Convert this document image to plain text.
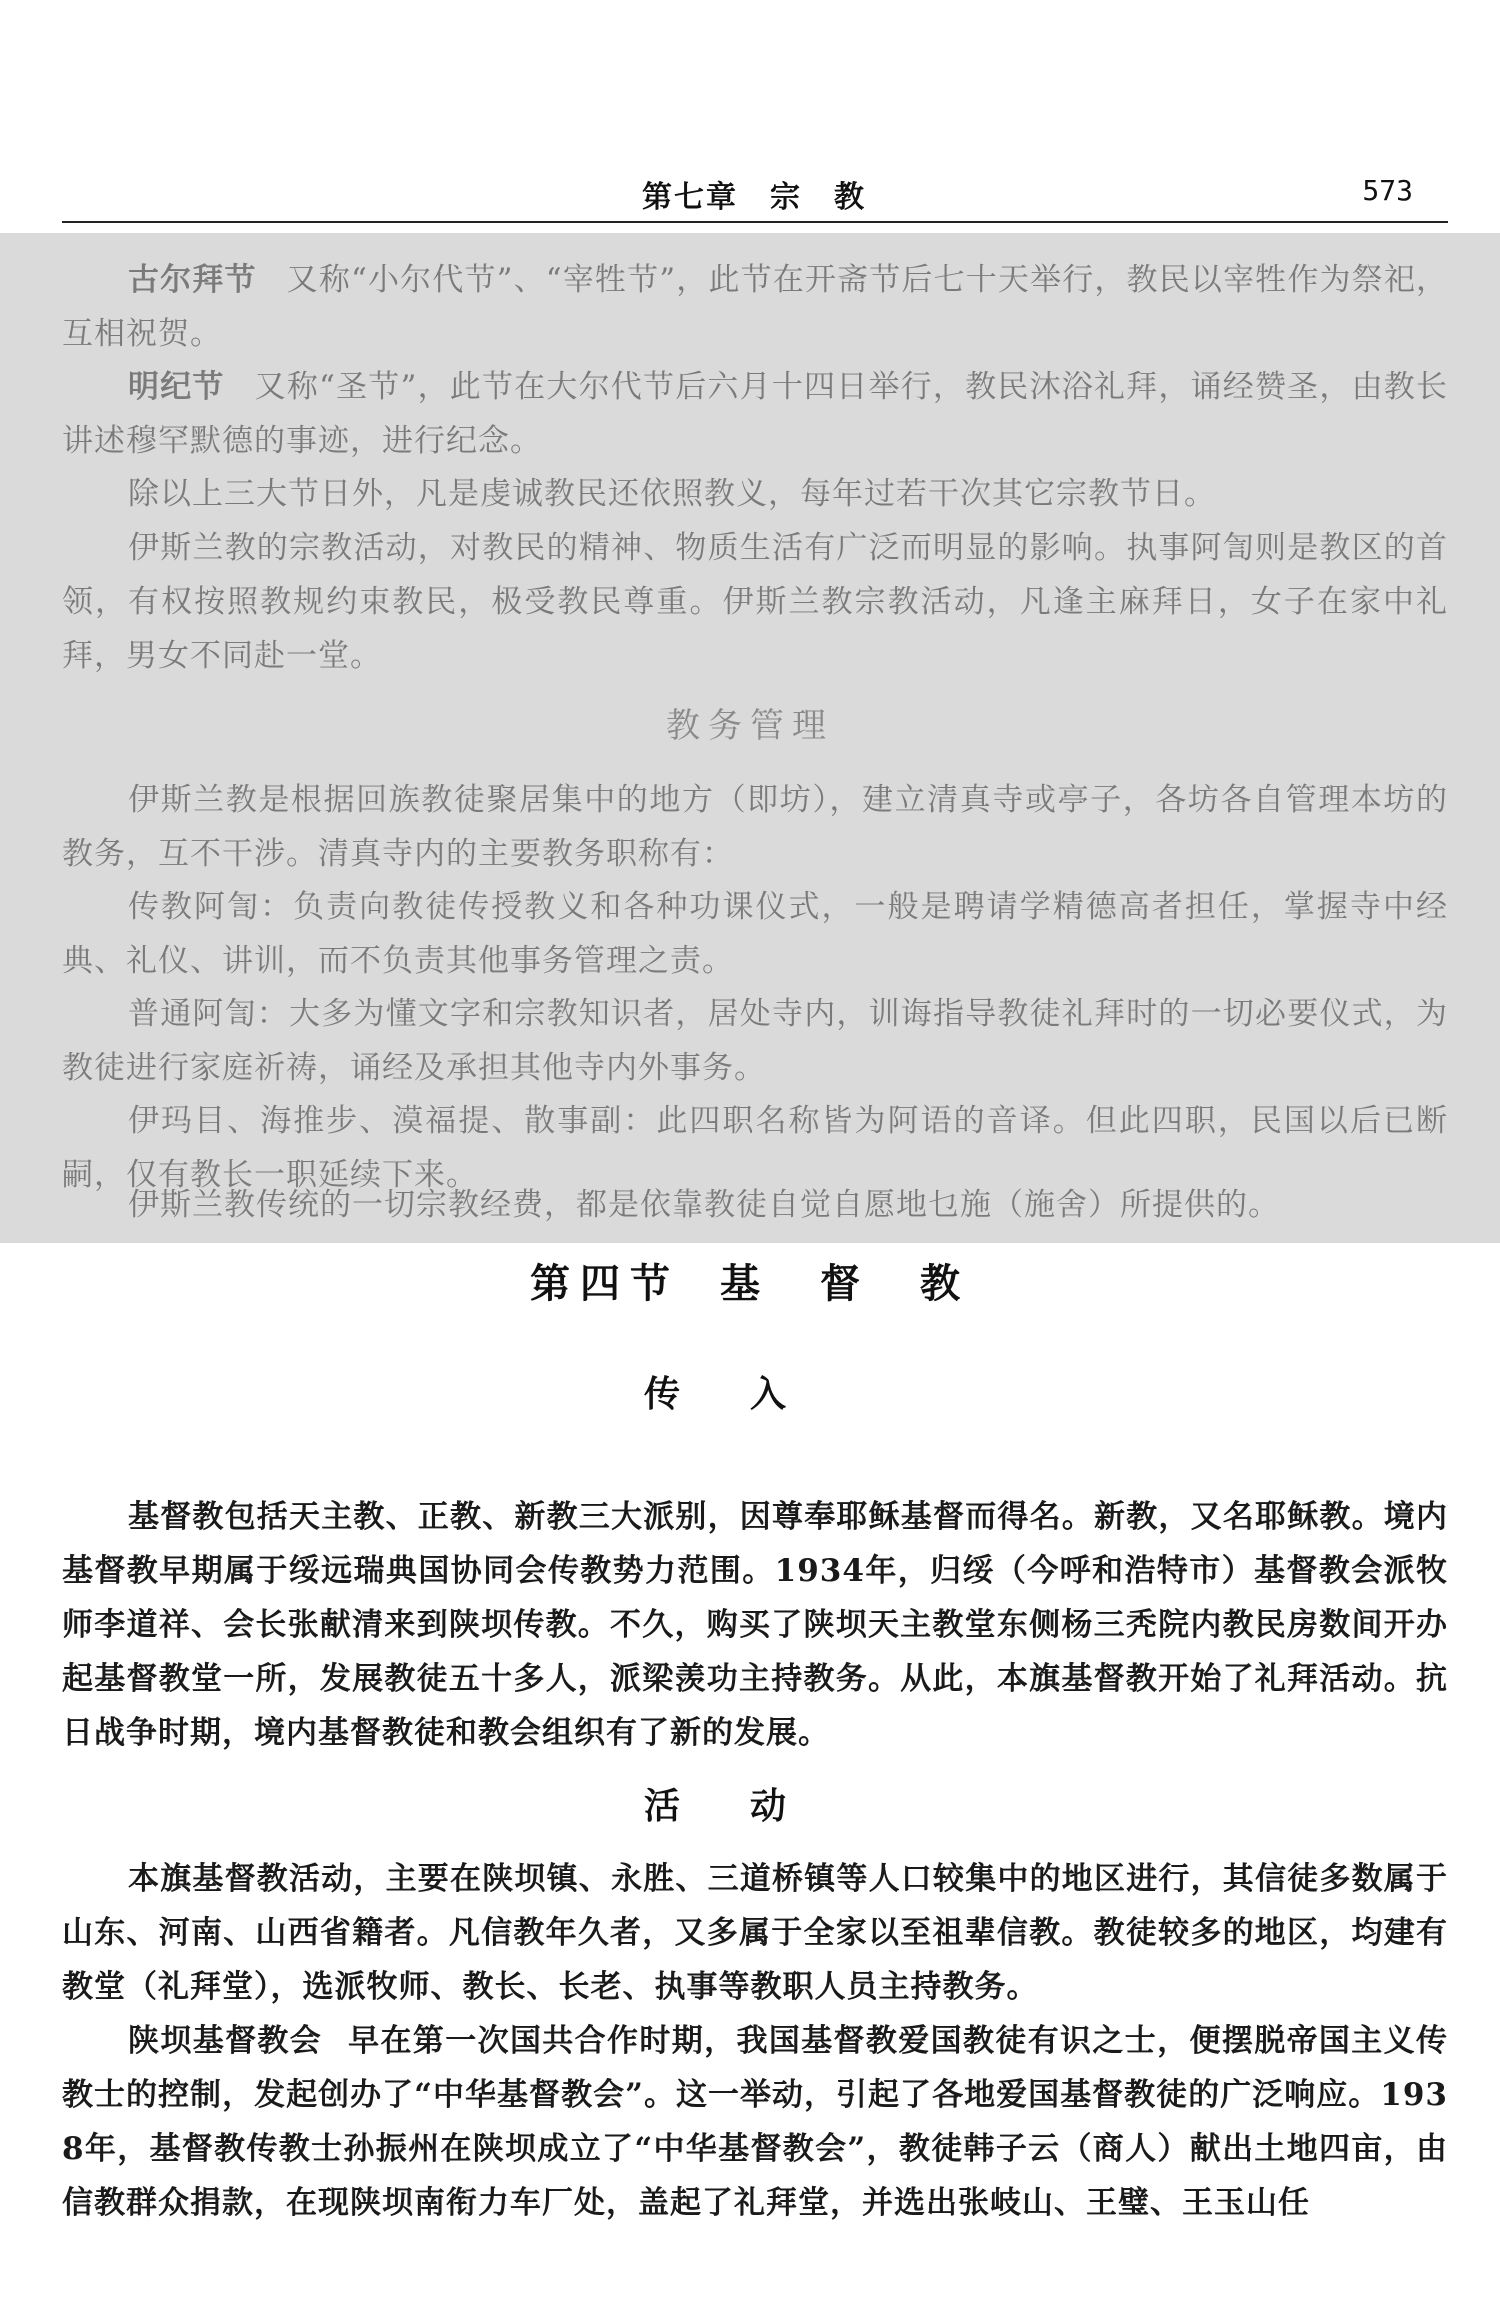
第七章　宗　教	573

古尔拜节 又称“小尔代节”、“宰牲节”，此节在开斋节后七十天举行，教民以宰牲作为祭祀，互相祝贺。

明纪节 又称“圣节”，此节在大尔代节后六月十四日举行，教民沐浴礼拜，诵经赞圣，由教长讲述穆罕默德的事迹，进行纪念。

除以上三大节日外，凡是虔诚教民还依照教义，每年过若干次其它宗教节日。

伊斯兰教的宗教活动，对教民的精神、物质生活有广泛而明显的影响。执事阿訇则是教区的首领，有权按照教规约束教民，极受教民尊重。伊斯兰教宗教活动，凡逢主麻拜日，女子在家中礼拜，男女不同赴一堂。

教务管理

伊斯兰教是根据回族教徒聚居集中的地方（即坊），建立清真寺或亭子，各坊各自管理本坊的教务，互不干涉。清真寺内的主要教务职称有：

传教阿訇：负责向教徒传授教义和各种功课仪式，一般是聘请学精德高者担任，掌握寺中经典、礼仪、讲训，而不负责其他事务管理之责。

普通阿訇：大多为懂文字和宗教知识者，居处寺内，训诲指导教徒礼拜时的一切必要仪式，为教徒进行家庭祈祷，诵经及承担其他寺内外事务。

伊玛目、海推步、漠福提、散事副：此四职名称皆为阿语的音译。但此四职，民国以后已断嗣，仅有教长一职延续下来。

伊斯兰教传统的一切宗教经费，都是依靠教徒自觉自愿地乜施（施舍）所提供的。

第四节 基　督　教
传入

基督教包括天主教、正教、新教三大派别，因尊奉耶稣基督而得名。新教，又名耶稣教。境内基督教早期属于绥远瑞典国协同会传教势力范围。1934年，归绥（今呼和浩特市）基督教会派牧师李道祥、会长张献清来到陕坝传教。不久，购买了陕坝天主教堂东侧杨三秃院内教民房数间开办起基督教堂一所，发展教徒五十多人，派梁羡功主持教务。从此，本旗基督教开始了礼拜活动。抗日战争时期，境内基督教徒和教会组织有了新的发展。

活动

本旗基督教活动，主要在陕坝镇、永胜、三道桥镇等人口较集中的地区进行，其信徒多数属于山东、河南、山西省籍者。凡信教年久者，又多属于全家以至祖辈信教。教徒较多的地区，均建有教堂（礼拜堂），选派牧师、教长、长老、执事等教职人员主持教务。

陕坝基督教会 早在第一次国共合作时期，我国基督教爱国教徒有识之士，便摆脱帝国主义传教士的控制，发起创办了“中华基督教会”。这一举动，引起了各地爱国基督教徒的广泛响应。1938年，基督教传教士孙振州在陕坝成立了“中华基督教会”，教徒韩子云（商人）献出土地四亩，由信教群众捐款，在现陕坝南衔力车厂处，盖起了礼拜堂，并选出张岐山、王璧、王玉山任
